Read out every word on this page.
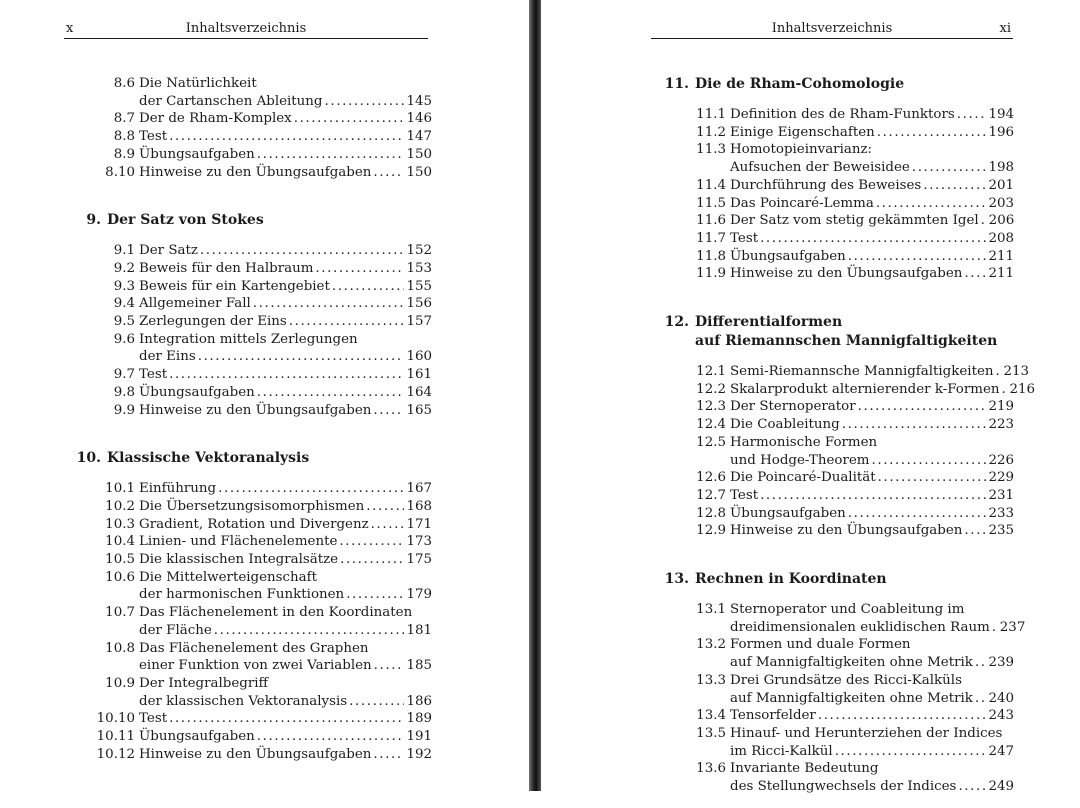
x	Inhaltsverzeichnis
8.6 Die Natürlichkeit
der Cartanschen Ableitung .....	145
8.7 Der de Rham-Komplex .....	146
8.8 Test .....	147
8.9 Übungsaufgaben .....	150
8.10 Hinweise zu den Übungsaufgaben .....	150
9. Der Satz von Stokes
9.1 Der Satz .....	152
9.2 Beweis für den Halbraum .....	153
9.3 Beweis für ein Kartengebiet .....	155
9.4 Allgemeiner Fall .....	156
9.5 Zerlegungen der Eins .....	157
9.6 Integration mittels Zerlegungen
der Eins .....	160
9.7 Test .....	161
9.8 Übungsaufgaben .....	164
9.9 Hinweise zu den Übungsaufgaben .....	165
10. Klassische Vektoranalysis
10.1 Einführung .....	167
10.2 Die Übersetzungsisomorphismen .....	168
10.3 Gradient, Rotation und Divergenz .....	171
10.4 Linien- und Flächenelemente .....	173
10.5 Die klassischen Integralsätze .....	175
10.6 Die Mittelwerteigenschaft
der harmonischen Funktionen .....	179
10.7 Das Flächenelement in den Koordinaten
der Fläche .....	181
10.8 Das Flächenelement des Graphen
einer Funktion von zwei Variablen .....	185
10.9 Der Integralbegriff
der klassischen Vektoranalysis .....	186
10.10 Test .....	189
10.11 Übungsaufgaben .....	191
10.12 Hinweise zu den Übungsaufgaben .....	192
Inhaltsverzeichnis	xi
11. Die de Rham-Cohomologie
11.1 Definition des de Rham-Funktors .....	194
11.2 Einige Eigenschaften .....	196
11.3 Homotopieinvarianz:
Aufsuchen der Beweisidee .....	198
11.4 Durchführung des Beweises .....	201
11.5 Das Poincaré-Lemma .....	203
11.6 Der Satz vom stetig gekämmten Igel ..... 206
11.7 Test .....	208
11.8 Übungsaufgaben .....	211
11.9 Hinweise zu den Übungsaufgaben ..... 211
12. Differentialformen
auf Riemannschen Mannigfaltigkeiten
12.1 Semi-Riemannsche Mannigfaltigkeiten ..... 213
12.2 Skalarprodukt alternierender k-Formen ..... 216
12.3 Der Sternoperator .....	219
12.4 Die Coableitung .....	223
12.5 Harmonische Formen
und Hodge-Theorem .....	226
12.6 Die Poincaré-Dualität .....	229
12.7 Test .....	231
12.8 Übungsaufgaben .....	233
12.9 Hinweise zu den Übungsaufgaben ..... 235
13. Rechnen in Koordinaten
13.1 Sternoperator und Coableitung im
dreidimensionalen euklidischen Raum ..... 237
13.2 Formen und duale Formen
auf Mannigfaltigkeiten ohne Metrik ..... 239
13.3 Drei Grundsätze des Ricci-Kalküls
auf Mannigfaltigkeiten ohne Metrik ..... 240
13.4 Tensorfelder .....	243
13.5 Hinauf- und Herunterziehen der Indices
im Ricci-Kalkül .....	247
13.6 Invariante Bedeutung
des Stellungwechsels der Indices ..... 249
